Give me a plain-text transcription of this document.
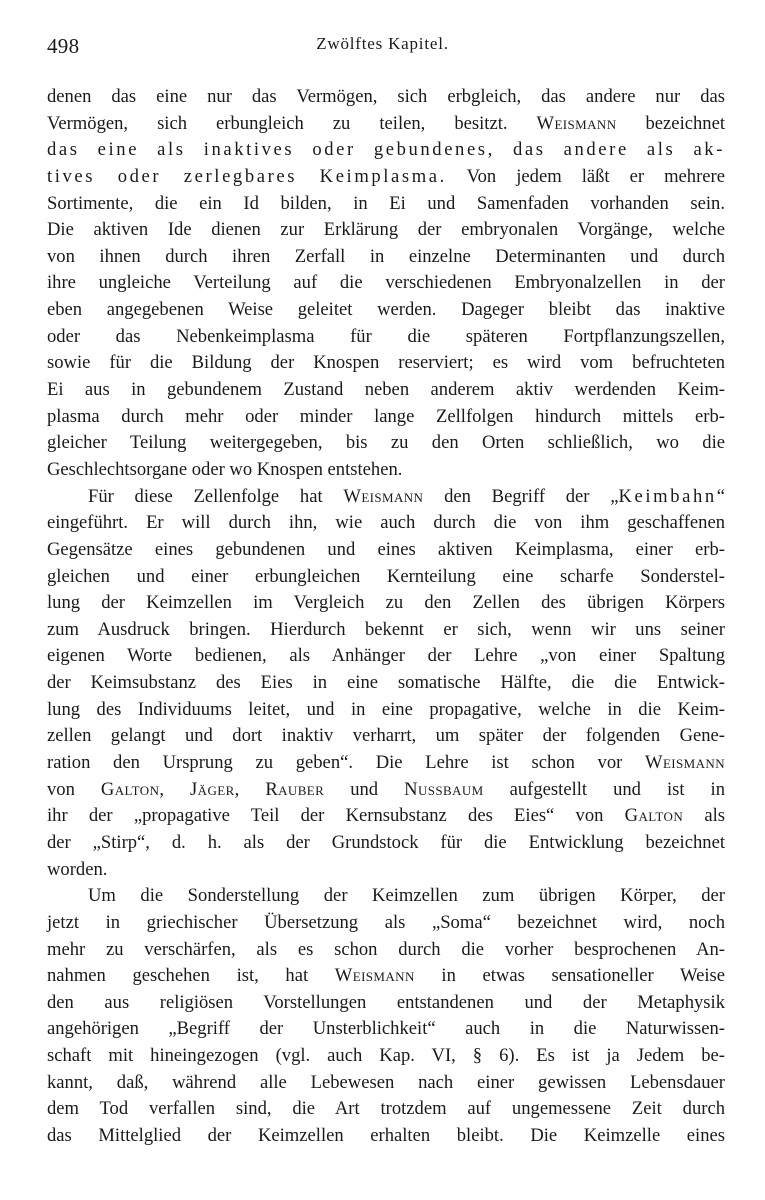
498	Zwölftes Kapitel.
denen das eine nur das Vermögen, sich erbgleich, das andere nur das
Vermögen, sich erbungleich zu teilen, besitzt. Weismann bezeichnet
das eine als inaktives oder gebundenes, das andere als ak-
tives oder zerlegbares Keimplasma. Von jedem läßt er mehrere
Sortimente, die ein Id bilden, in Ei und Samenfaden vorhanden sein.
Die aktiven Ide dienen zur Erklärung der embryonalen Vorgänge, welche
von ihnen durch ihren Zerfall in einzelne Determinanten und durch
ihre ungleiche Verteilung auf die verschiedenen Embryonalzellen in der
eben angegebenen Weise geleitet werden. Dageger bleibt das inaktive
oder das Nebenkeimplasma für die späteren Fortpflanzungszellen,
sowie für die Bildung der Knospen reserviert; es wird vom befruchteten
Ei aus in gebundenem Zustand neben anderem aktiv werdenden Keim-
plasma durch mehr oder minder lange Zellfolgen hindurch mittels erb-
gleicher Teilung weitergegeben, bis zu den Orten schließlich, wo die
Geschlechtsorgane oder wo Knospen entstehen.
Für diese Zellenfolge hat Weismann den Begriff der „Keimbahn“
eingeführt. Er will durch ihn, wie auch durch die von ihm geschaffenen
Gegensätze eines gebundenen und eines aktiven Keimplasma, einer erb-
gleichen und einer erbungleichen Kernteilung eine scharfe Sonderstel-
lung der Keimzellen im Vergleich zu den Zellen des übrigen Körpers
zum Ausdruck bringen. Hierdurch bekennt er sich, wenn wir uns seiner
eigenen Worte bedienen, als Anhänger der Lehre „von einer Spaltung
der Keimsubstanz des Eies in eine somatische Hälfte, die die Entwick-
lung des Individuums leitet, und in eine propagative, welche in die Keim-
zellen gelangt und dort inaktiv verharrt, um später der folgenden Gene-
ration den Ursprung zu geben“. Die Lehre ist schon vor Weismann
von Galton, Jäger, Rauber und Nussbaum aufgestellt und ist in
ihr der „propagative Teil der Kernsubstanz des Eies“ von Galton als
der „Stirp“, d. h. als der Grundstock für die Entwicklung bezeichnet
worden.
Um die Sonderstellung der Keimzellen zum übrigen Körper, der
jetzt in griechischer Übersetzung als „Soma“ bezeichnet wird, noch
mehr zu verschärfen, als es schon durch die vorher besprochenen An-
nahmen geschehen ist, hat Weismann in etwas sensationeller Weise
den aus religiösen Vorstellungen entstandenen und der Metaphysik
angehörigen „Begriff der Unsterblichkeit“ auch in die Naturwissen-
schaft mit hineingezogen (vgl. auch Kap. VI, § 6). Es ist ja Jedem be-
kannt, daß, während alle Lebewesen nach einer gewissen Lebensdauer
dem Tod verfallen sind, die Art trotzdem auf ungemessene Zeit durch
das Mittelglied der Keimzellen erhalten bleibt. Die Keimzelle eines
